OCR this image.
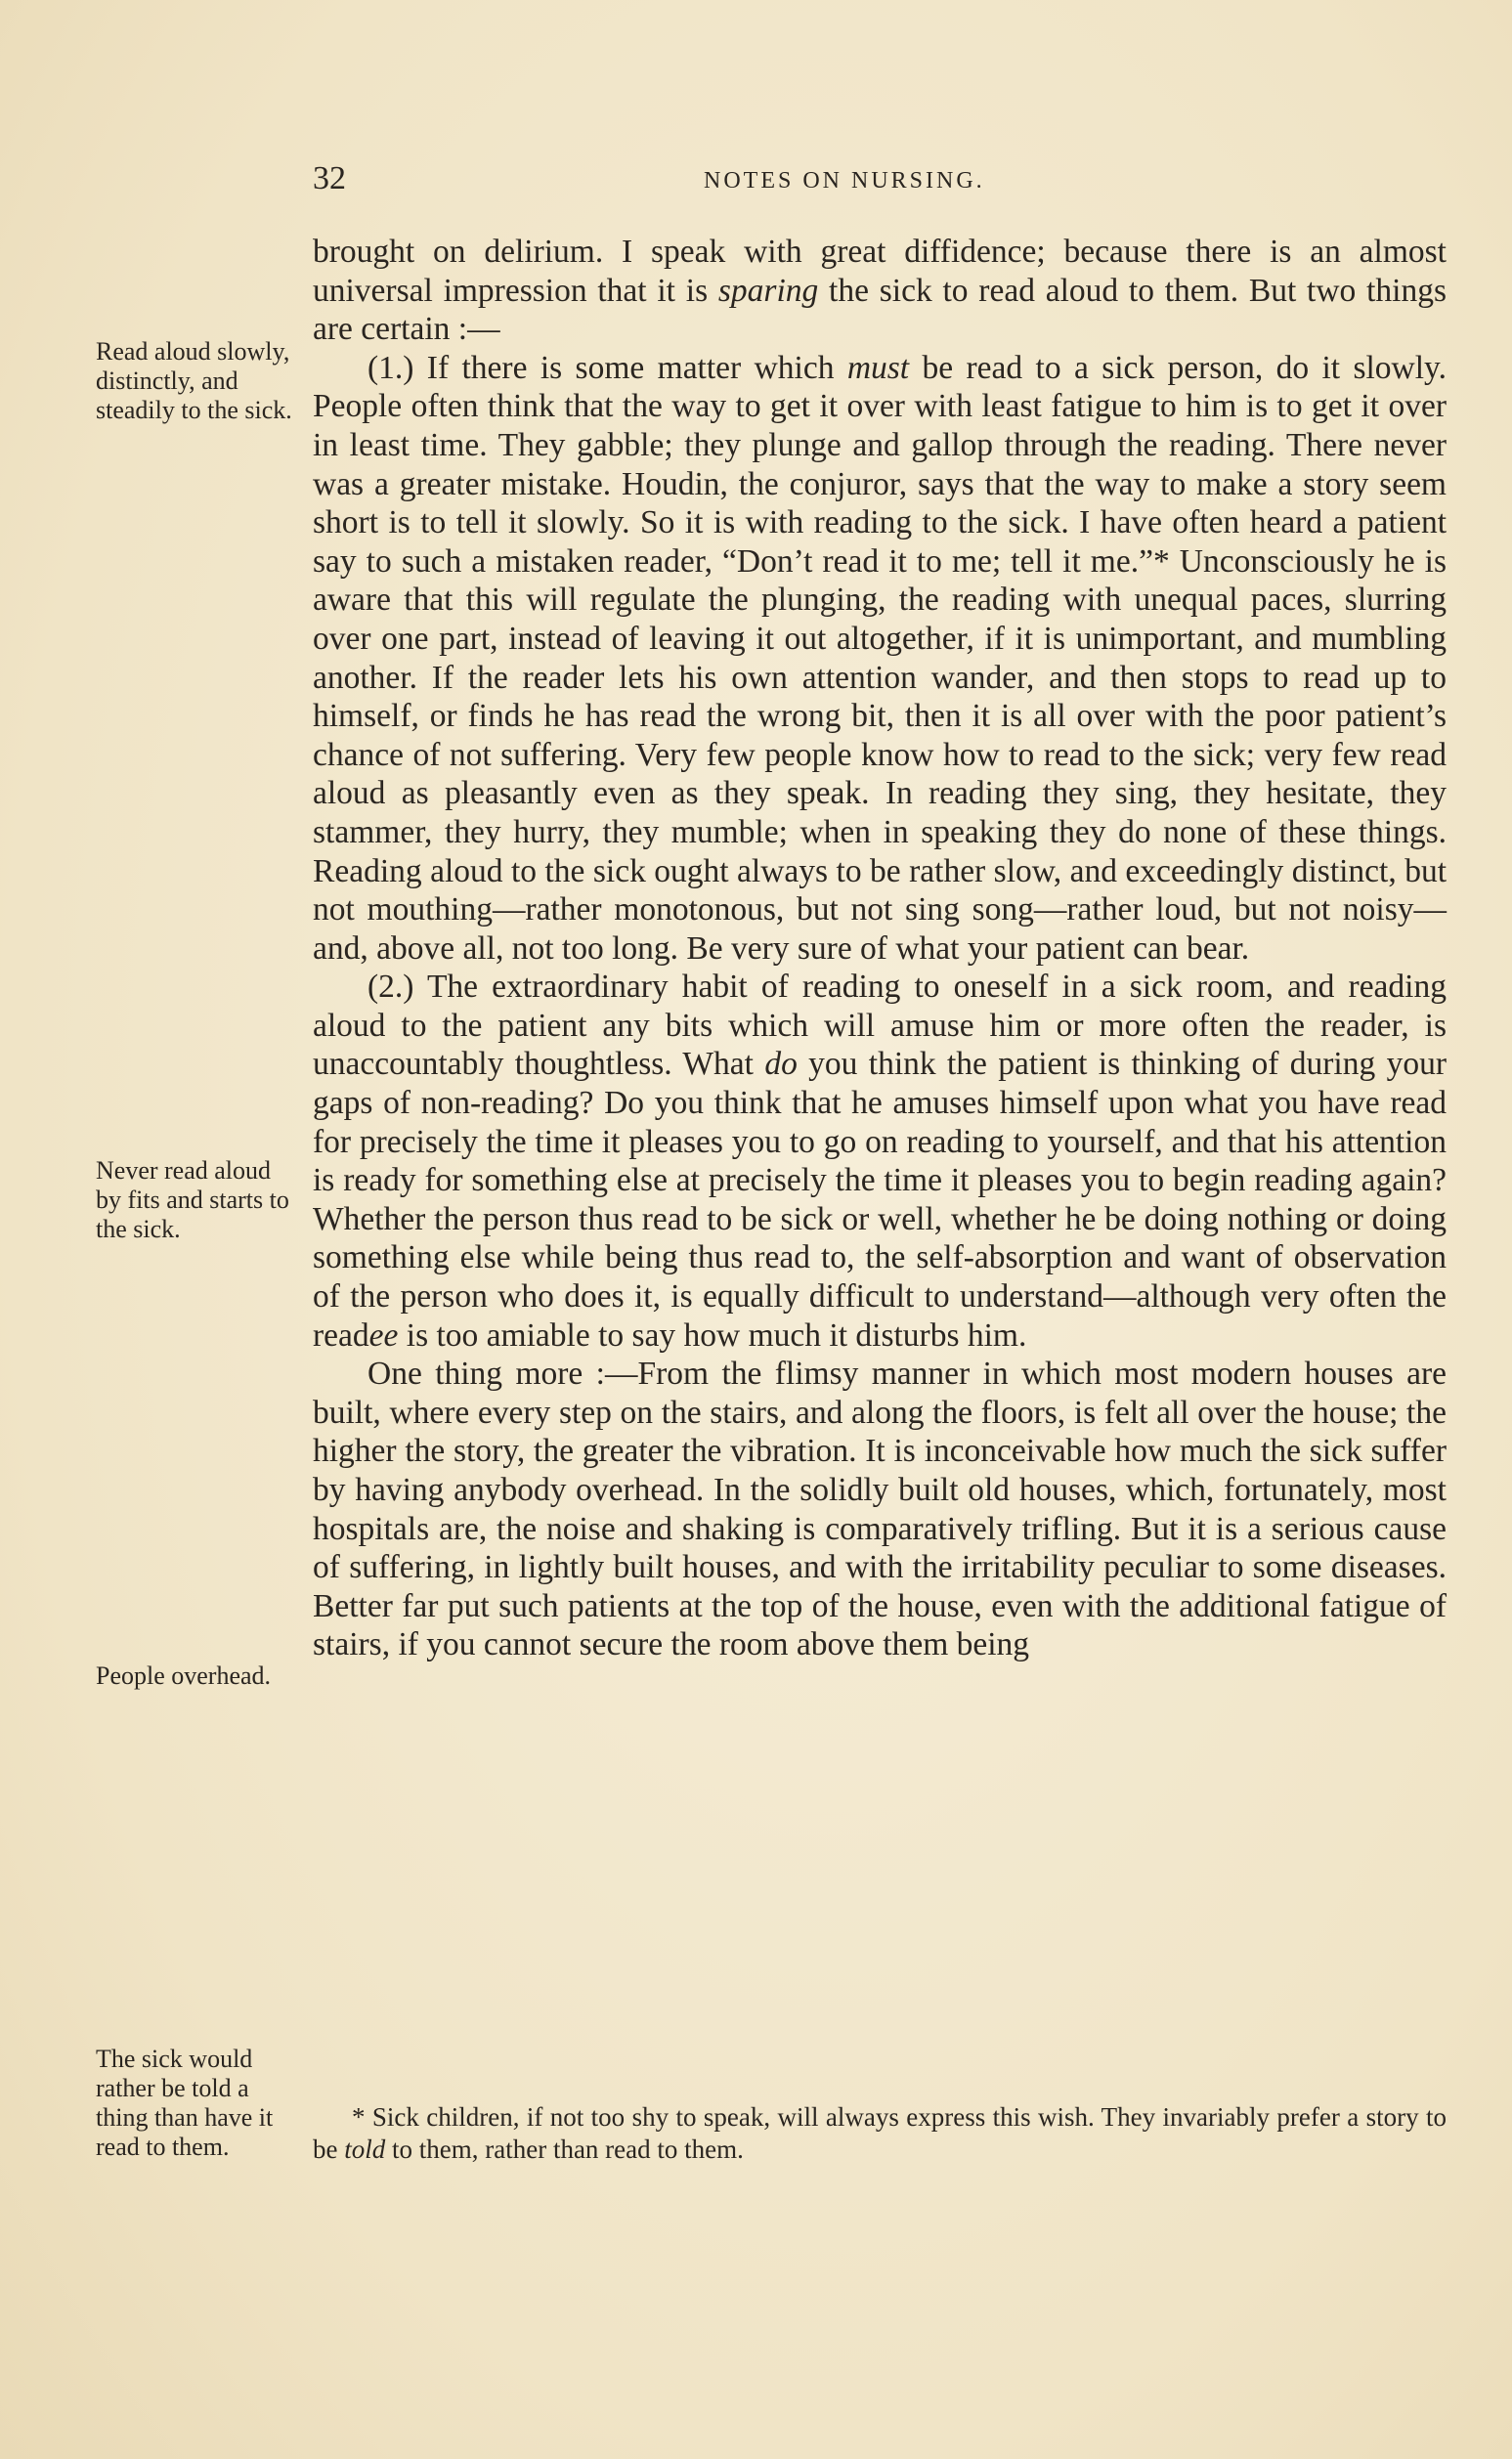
32	NOTES ON NURSING.
Read aloud slowly, distinctly, and steadily to the sick.
Never read aloud by fits and starts to the sick.
People overhead.
The sick would rather be told a thing than have it read to them.

brought on delirium. I speak with great diffidence; because there is an almost universal impression that it is sparing the sick to read aloud to them. But two things are certain :—

(1.) If there is some matter which must be read to a sick person, do it slowly. People often think that the way to get it over with least fatigue to him is to get it over in least time. They gabble; they plunge and gallop through the reading. There never was a greater mistake. Houdin, the conjuror, says that the way to make a story seem short is to tell it slowly. So it is with reading to the sick. I have often heard a patient say to such a mistaken reader, “Don’t read it to me; tell it me.”* Unconsciously he is aware that this will regulate the plunging, the reading with unequal paces, slurring over one part, instead of leaving it out altogether, if it is unimportant, and mumbling another. If the reader lets his own attention wander, and then stops to read up to himself, or finds he has read the wrong bit, then it is all over with the poor patient’s chance of not suffering. Very few people know how to read to the sick; very few read aloud as pleasantly even as they speak. In reading they sing, they hesitate, they stammer, they hurry, they mumble; when in speaking they do none of these things. Reading aloud to the sick ought always to be rather slow, and exceedingly distinct, but not mouthing—rather monotonous, but not sing song—rather loud, but not noisy—and, above all, not too long. Be very sure of what your patient can bear.

(2.) The extraordinary habit of reading to oneself in a sick room, and reading aloud to the patient any bits which will amuse him or more often the reader, is unaccountably thoughtless. What do you think the patient is thinking of during your gaps of non-reading? Do you think that he amuses himself upon what you have read for precisely the time it pleases you to go on reading to yourself, and that his attention is ready for something else at precisely the time it pleases you to begin reading again? Whether the person thus read to be sick or well, whether he be doing nothing or doing something else while being thus read to, the self-absorption and want of observation of the person who does it, is equally difficult to understand—although very often the readee is too amiable to say how much it disturbs him.

One thing more :—From the flimsy manner in which most modern houses are built, where every step on the stairs, and along the floors, is felt all over the house; the higher the story, the greater the vibration. It is inconceivable how much the sick suffer by having anybody overhead. In the solidly built old houses, which, fortunately, most hospitals are, the noise and shaking is comparatively trifling. But it is a serious cause of suffering, in lightly built houses, and with the irritability peculiar to some diseases. Better far put such patients at the top of the house, even with the additional fatigue of stairs, if you cannot secure the room above them being

* Sick children, if not too shy to speak, will always express this wish. They invariably prefer a story to be told to them, rather than read to them.
